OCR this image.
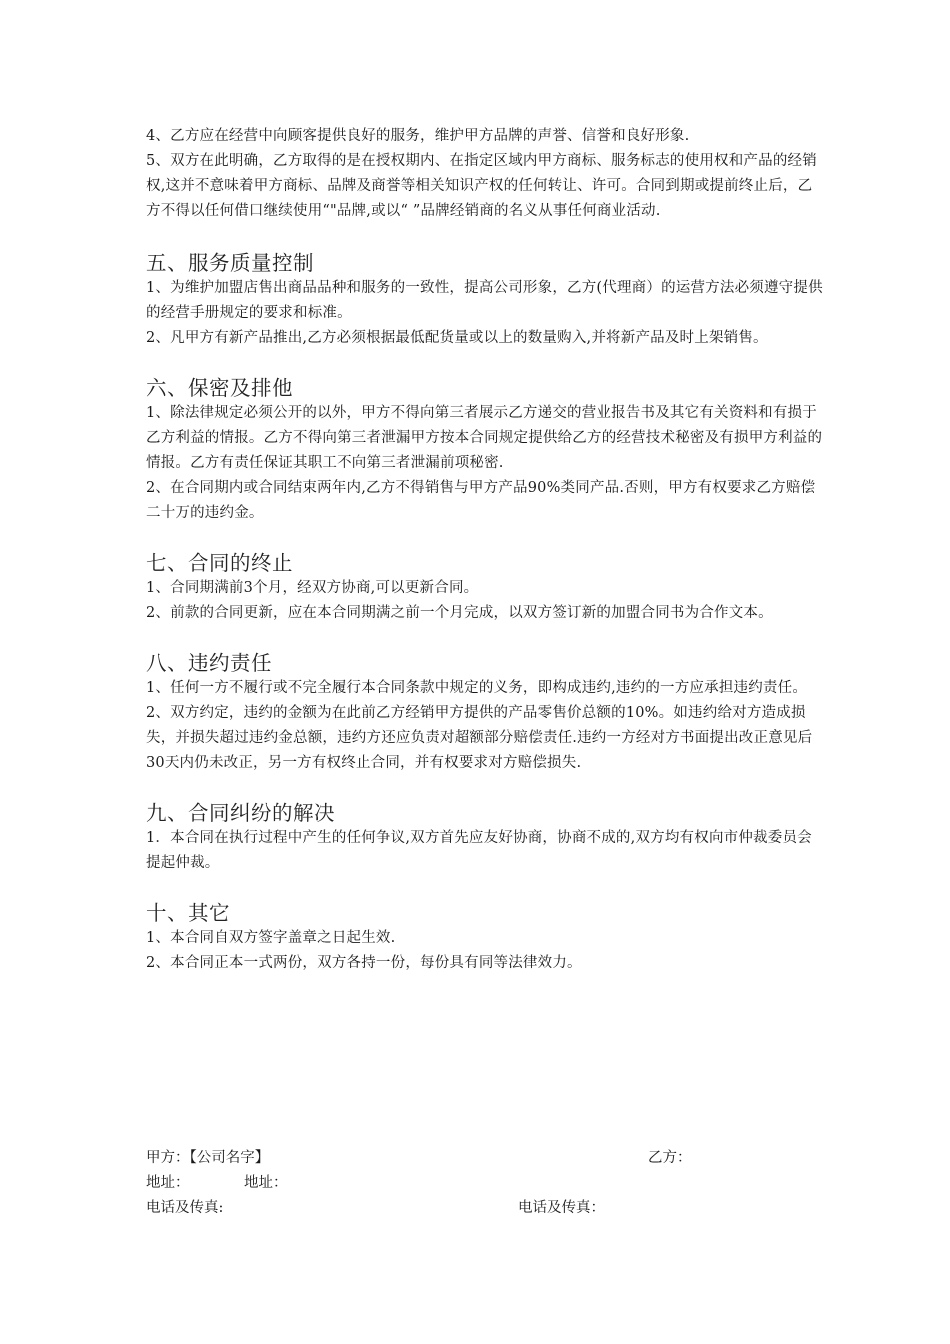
4、乙方应在经营中向顾客提供良好的服务，维护甲方品牌的声誉、信誉和良好形象.

5、双方在此明确，乙方取得的是在授权期内、在指定区域内甲方商标、服务标志的使用权和产品的经销权,这并不意味着甲方商标、品牌及商誉等相关知识产权的任何转让、许可。合同到期或提前终止后，乙方不得以任何借口继续使用“"品牌,或以“ ”品牌经销商的名义从事任何商业活动.

五、服务质量控制

1、为维护加盟店售出商品品种和服务的一致性，提高公司形象，乙方(代理商）的运营方法必须遵守提供的经营手册规定的要求和标准。

2、凡甲方有新产品推出,乙方必须根据最低配货量或以上的数量购入,并将新产品及时上架销售。

六、保密及排他

1、除法律规定必须公开的以外，甲方不得向第三者展示乙方递交的营业报告书及其它有关资料和有损于乙方利益的情报。乙方不得向第三者泄漏甲方按本合同规定提供给乙方的经营技术秘密及有损甲方利益的情报。乙方有责任保证其职工不向第三者泄漏前项秘密.

2、在合同期内或合同结束两年内,乙方不得销售与甲方产品90%类同产品.否则，甲方有权要求乙方赔偿二十万的违约金。

七、合同的终止

1、合同期满前3个月，经双方协商,可以更新合同。

2、前款的合同更新，应在本合同期满之前一个月完成，以双方签订新的加盟合同书为合作文本。

八、违约责任

1、任何一方不履行或不完全履行本合同条款中规定的义务，即构成违约,违约的一方应承担违约责任。

2、双方约定，违约的金额为在此前乙方经销甲方提供的产品零售价总额的10%。如违约给对方造成损失，并损失超过违约金总额，违约方还应负责对超额部分赔偿责任.违约一方经对方书面提出改正意见后30天内仍未改正，另一方有权终止合同，并有权要求对方赔偿损失.

九、合同纠纷的解决

1．本合同在执行过程中产生的任何争议,双方首先应友好协商，协商不成的,双方均有权向市仲裁委员会提起仲裁。

十、其它

1、本合同自双方签字盖章之日起生效.

2、本合同正本一式两份，双方各持一份，每份具有同等法律效力。

甲方：【公司名字】	乙方：
地址：	地址：
电话及传真:	电话及传真：
